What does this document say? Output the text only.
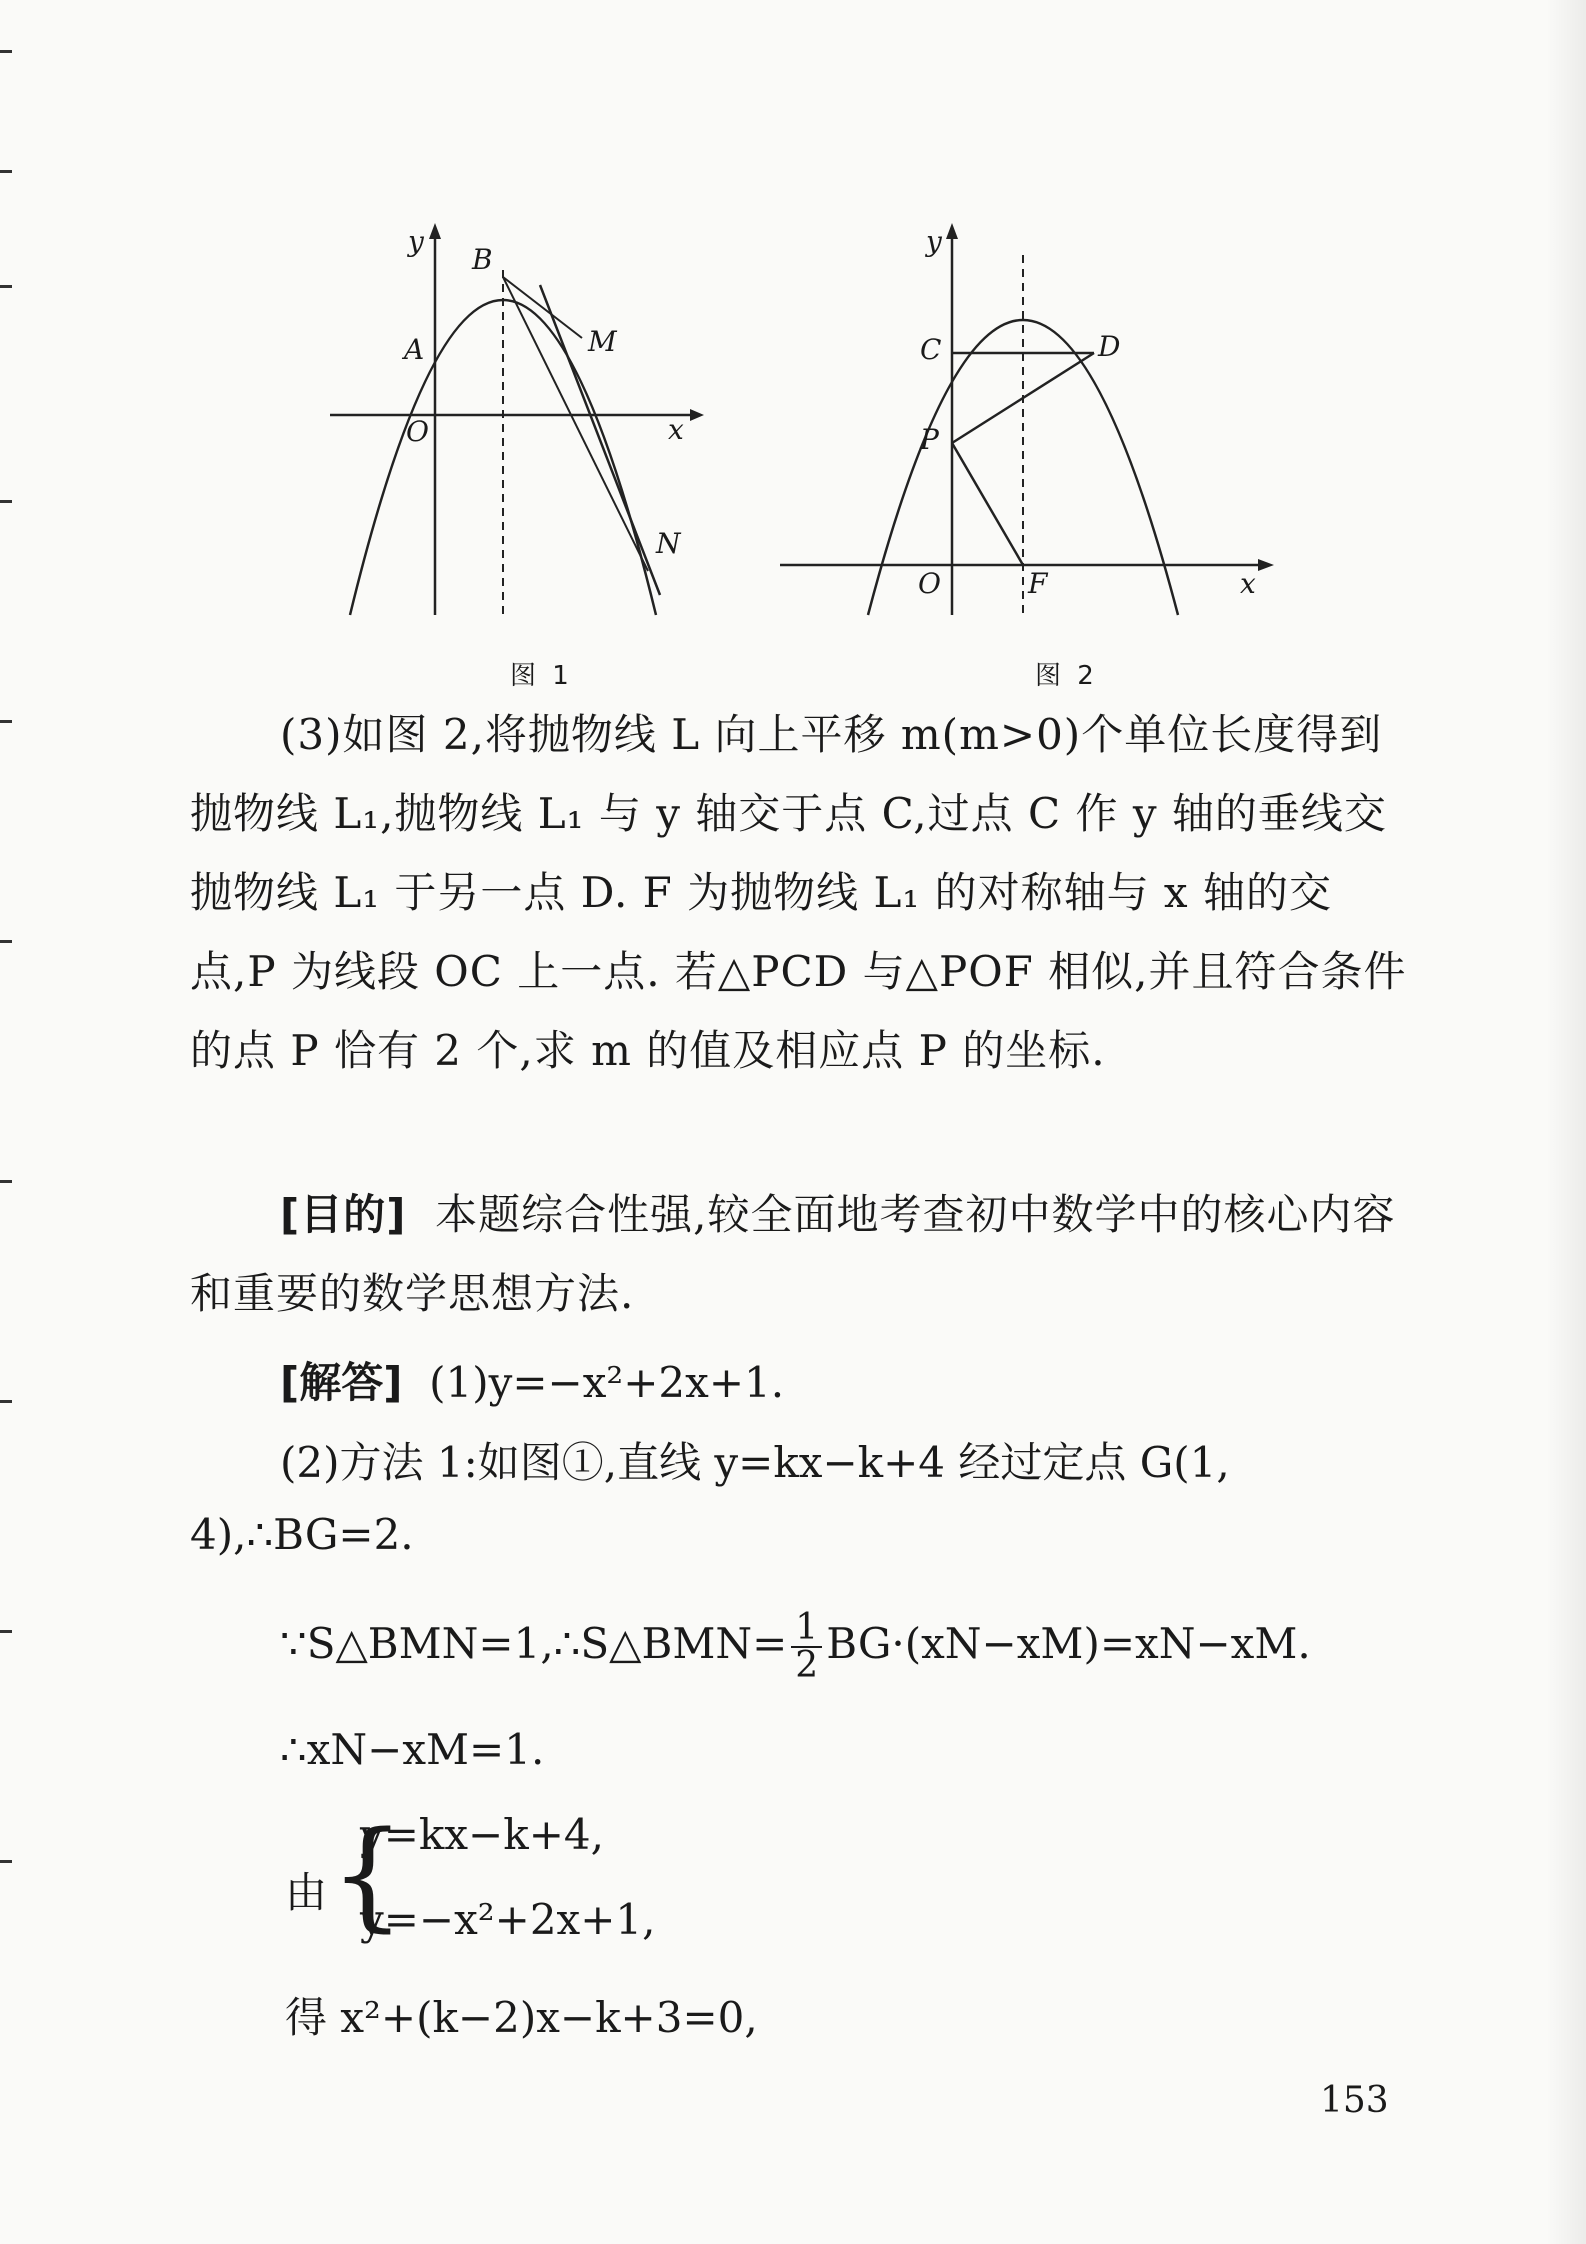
y
x
O
A
B
M
N
图 1
y
x
O
C	D
P
F
图 2

(3)如图 2,将抛物线 L 向上平移 m(m>0)个单位长度得到抛物线 L₁,抛物线 L₁ 与 y 轴交于点 C,过点 C 作 y 轴的垂线交抛物线 L₁ 于另一点 D. F 为抛物线 L₁ 的对称轴与 x 轴的交点,P 为线段 OC 上一点. 若△PCD 与△POF 相似,并且符合条件的点 P 恰有 2 个,求 m 的值及相应点 P 的坐标.

[目的] 本题综合性强,较全面地考查初中数学中的核心内容和重要的数学思想方法.

[解答] (1)y=−x²+2x+1.
(2)方法 1:如图①,直线 y=kx−k+4 经过定点 G(1,
4),∴BG=2.
∵S△BMN=1,∴S△BMN= $\frac{1}{2} BG\cdot(xN-xM)=xN-xM$.
∴xN−xM=1.
由 {
y=kx−k+4,
y=−x²+2x+1,
得 x²+(k−2)x−k+3=0,
153
